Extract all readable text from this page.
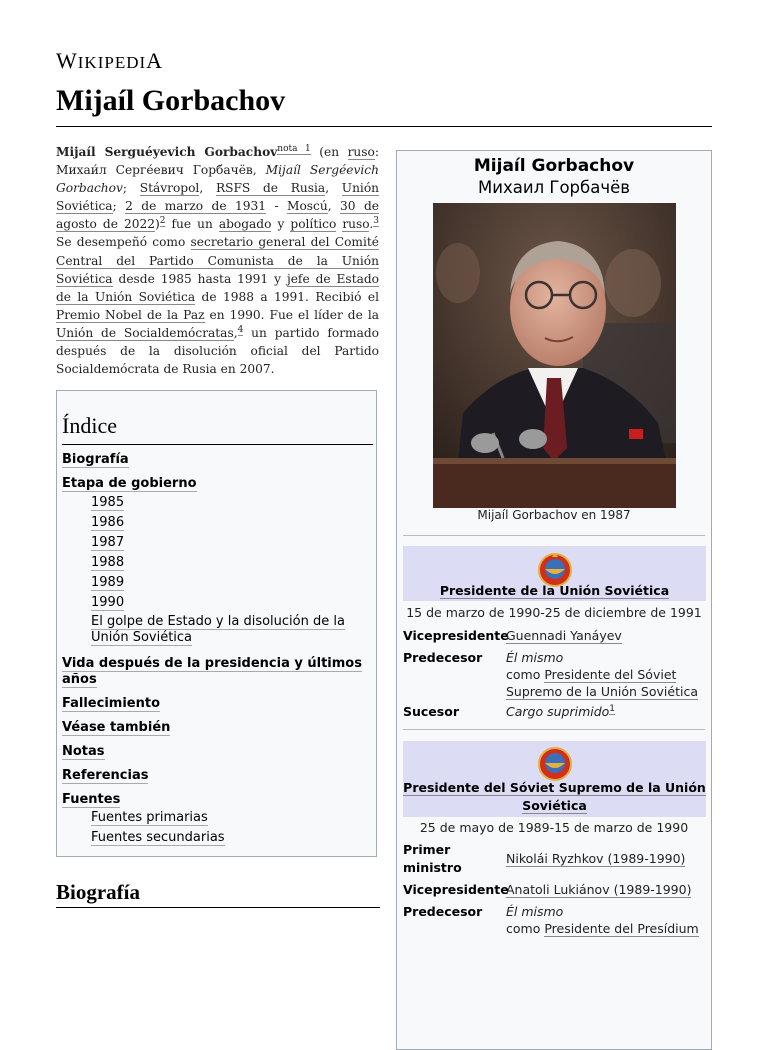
WIKIPEDIA
Mijaíl Gorbachov

Mijaíl Serguéyevich Gorbachov$^{nota 1}$ (en ruso: Михаи́л Серге́евич Горбачёв, Mijaíl Sergéevich Gorbachov; Stávropol, RSFS de Rusia, Unión Soviética; 2 de marzo de 1931 - Moscú, 30 de agosto de 2022)$^2$ fue un abogado y político ruso.$^3$ Se desempeñó como secretario general del Comité Central del Partido Comunista de la Unión Soviética desde 1985 hasta 1991 y jefe de Estado de la Unión Soviética de 1988 a 1991. Recibió el Premio Nobel de la Paz en 1990. Fue el líder de la Unión de Socialdemócratas,$^4$ un partido formado después de la disolución oficial del Partido Socialdemócrata de Rusia en 2007.

Índice
Biografía
Etapa de gobierno
1985
1986
1987
1988
1989
1990
El golpe de Estado y la disolución de la Unión Soviética
Vida después de la presidencia y últimos años
Fallecimiento
Véase también
Notas
Referencias
Fuentes
Fuentes primarias
Fuentes secundarias
Biografía
Mijaíl Gorbachov
Михаил Горбачёв
Mijaíl Gorbachov en 1987
Presidente de la Unión Soviética
15 de marzo de 1990-25 de diciembre de 1991
Vicepresidente
Guennadi Yanáyev
Predecesor Él mismo
como Presidente del Sóviet Supremo de la Unión Soviética
Sucesor	Cargo suprimido$^1$
Presidente del Sóviet Supremo de la Unión Soviética
25 de mayo de 1989-15 de marzo de 1990
Primer ministro
Nikolái Ryzhkov (1989-1990)
Vicepresidente
Anatoli Lukiánov (1989-1990)
Predecesor Él mismo
como Presidente del Presídium
